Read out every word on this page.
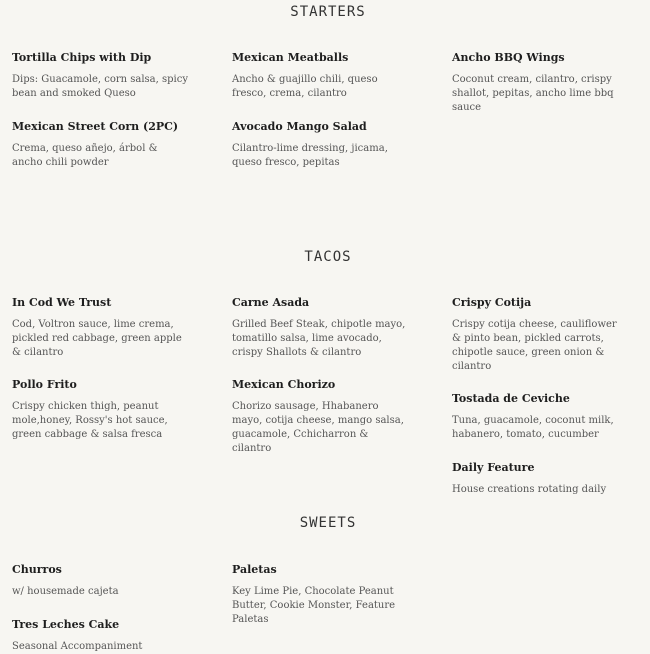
STARTERS

Tortilla Chips with Dip

Dips: Guacamole, corn salsa, spicy bean and smoked Queso

Mexican Meatballs

Ancho & guajillo chili, queso fresco, crema, cilantro

Ancho BBQ Wings

Coconut cream, cilantro, crispy shallot, pepitas, ancho lime bbq sauce

Mexican Street Corn (2PC)

Crema, queso añejo, árbol & ancho chili powder

Avocado Mango Salad

Cilantro-lime dressing, jicama, queso fresco, pepitas

TACOS

In Cod We Trust

Cod, Voltron sauce, lime crema, pickled red cabbage, green apple & cilantro

Carne Asada

Grilled Beef Steak, chipotle mayo, tomatillo salsa, lime avocado, crispy Shallots & cilantro

Crispy Cotija

Crispy cotija cheese, cauliflower & pinto bean, pickled carrots, chipotle sauce, green onion & cilantro

Pollo Frito

Crispy chicken thigh, peanut mole,honey, Rossy's hot sauce, green cabbage & salsa fresca

Mexican Chorizo

Chorizo sausage, Hhabanero mayo, cotija cheese, mango salsa, guacamole, Cchicharron & cilantro

Tostada de Ceviche

Tuna, guacamole, coconut milk, habanero, tomato, cucumber

Daily Feature

House creations rotating daily

SWEETS

Churros

w/ housemade cajeta

Paletas

Key Lime Pie, Chocolate Peanut Butter, Cookie Monster, Feature Paletas

Tres Leches Cake

Seasonal Accompaniment
